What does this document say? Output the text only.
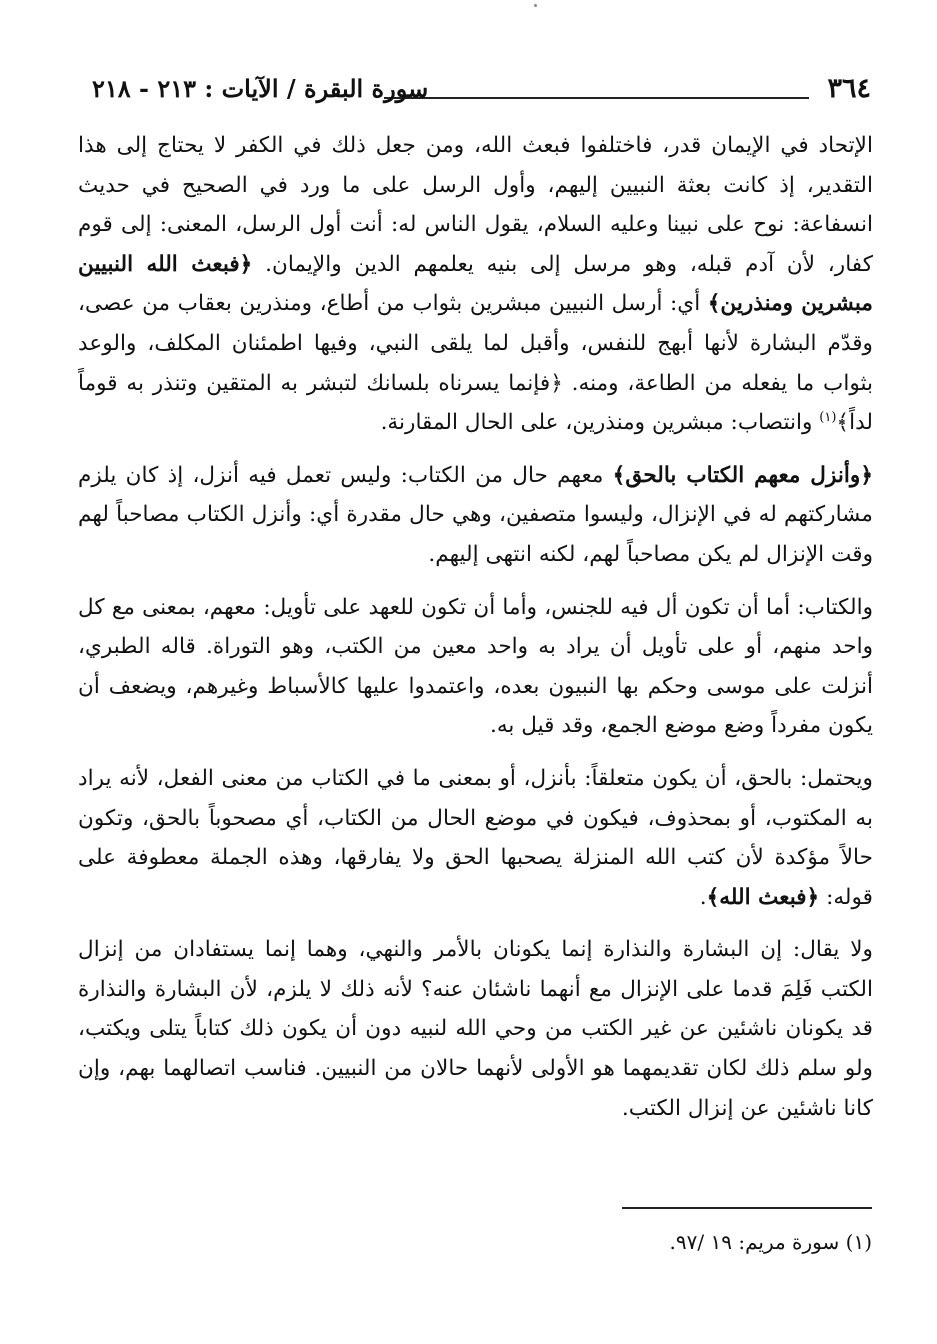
٣٦٤
سورة البقرة / الآيات : ٢١٣ - ٢١٨

الإتحاد في الإيمان قدر، فاختلفوا فبعث الله، ومن جعل ذلك في الكفر لا يحتاج إلى هذا التقدير، إذ كانت بعثة النبيين إليهم، وأول الرسل على ما ورد في الصحيح في حديث انسفاعة: نوح على نبينا وعليه السلام، يقول الناس له: أنت أول الرسل، المعنى: إلى قوم كفار، لأن آدم قبله، وهو مرسل إلى بنيه يعلمهم الدين والإيمان. ﴿فبعث الله النبيين مبشرين ومنذرين﴾ أي: أرسل النبيين مبشرين بثواب من أطاع، ومنذرين بعقاب من عصى، وقدّم البشارة لأنها أبهج للنفس، وأقبل لما يلقى النبي، وفيها اطمئنان المكلف، والوعد بثواب ما يفعله من الطاعة، ومنه. ﴿فإنما يسرناه بلسانك لتبشر به المتقين وتنذر به قوماً لداً﴾$^{(١)}$ وانتصاب: مبشرين ومنذرين، على الحال المقارنة.

﴿وأنزل معهم الكتاب بالحق﴾ معهم حال من الكتاب: وليس تعمل فيه أنزل، إذ كان يلزم مشاركتهم له في الإنزال، وليسوا متصفين، وهي حال مقدرة أي: وأنزل الكتاب مصاحباً لهم وقت الإنزال لم يكن مصاحباً لهم، لكنه انتهى إليهم.

والكتاب: أما أن تكون أل فيه للجنس، وأما أن تكون للعهد على تأويل: معهم، بمعنى مع كل واحد منهم، أو على تأويل أن يراد به واحد معين من الكتب، وهو التوراة. قاله الطبري، أنزلت على موسى وحكم بها النبيون بعده، واعتمدوا عليها كالأسباط وغيرهم، ويضعف أن يكون مفرداً وضع موضع الجمع، وقد قيل به.

ويحتمل: بالحق، أن يكون متعلقاً: بأنزل، أو بمعنى ما في الكتاب من معنى الفعل، لأنه يراد به المكتوب، أو بمحذوف، فيكون في موضع الحال من الكتاب، أي مصحوباً بالحق، وتكون حالاً مؤكدة لأن كتب الله المنزلة يصحبها الحق ولا يفارقها، وهذه الجملة معطوفة على قوله: ﴿فبعث الله﴾.

ولا يقال: إن البشارة والنذارة إنما يكونان بالأمر والنهي، وهما إنما يستفادان من إنزال الكتب فَلِمَ قدما على الإنزال مع أنهما ناشئان عنه؟ لأنه ذلك لا يلزم، لأن البشارة والنذارة قد يكونان ناشئين عن غير الكتب من وحي الله لنبيه دون أن يكون ذلك كتاباً يتلى ويكتب، ولو سلم ذلك لكان تقديمهما هو الأولى لأنهما حالان من النبيين. فناسب اتصالهما بهم، وإن كانا ناشئين عن إنزال الكتب.

(١) سورة مريم: ١٩ /٩٧.
